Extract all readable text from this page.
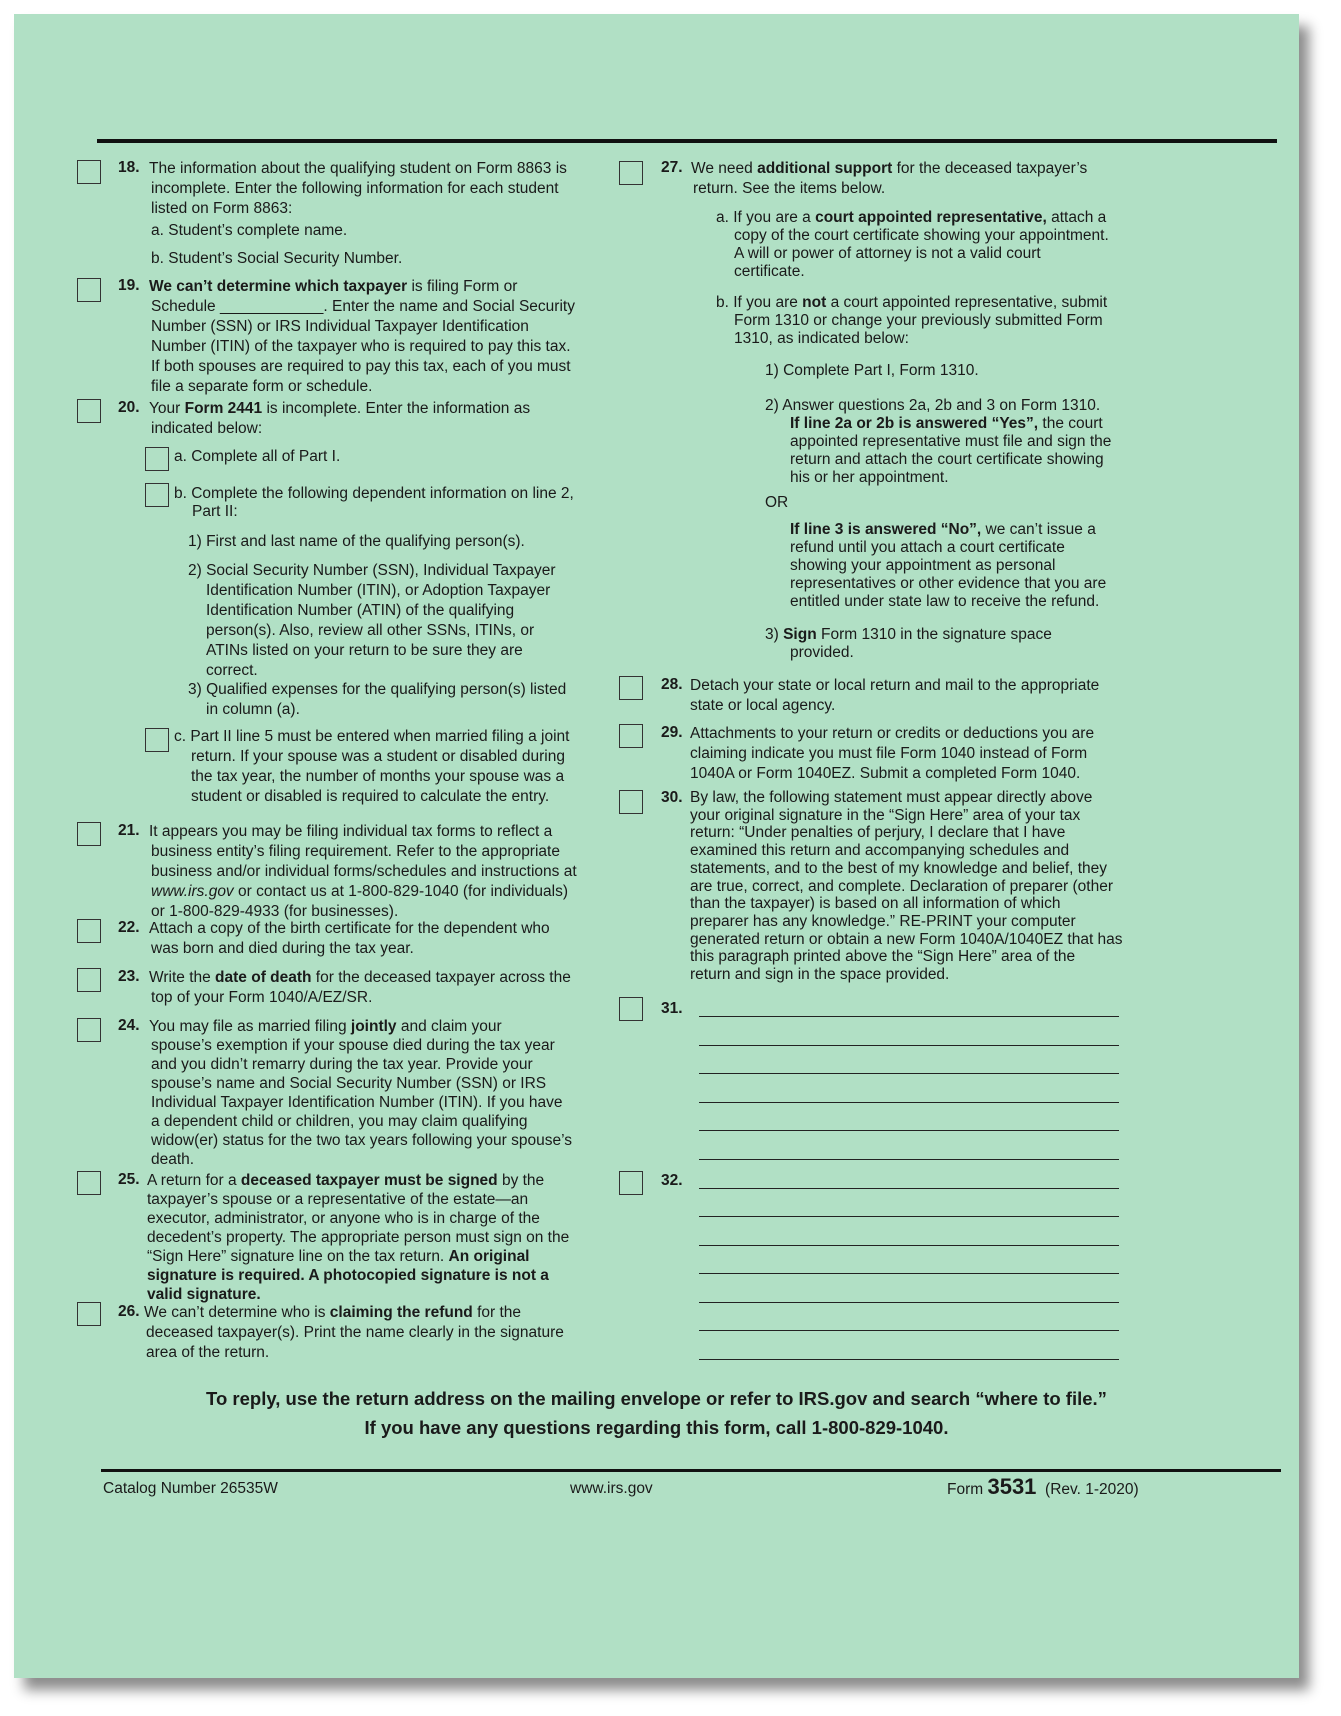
18. The information about the qualifying student on Form 8863 is
incomplete. Enter the following information for each student
listed on Form 8863:
a. Student’s complete name.
b. Student’s Social Security Number.
19. We can’t determine which taxpayer is filing Form or
Schedule ____________. Enter the name and Social Security
Number (SSN) or IRS Individual Taxpayer Identification
Number (ITIN) of the taxpayer who is required to pay this tax.
If both spouses are required to pay this tax, each of you must
file a separate form or schedule.
20. Your Form 2441 is incomplete. Enter the information as
indicated below:
a. Complete all of Part I.
b. Complete the following dependent information on line 2,
Part II:
1) First and last name of the qualifying person(s).
2) Social Security Number (SSN), Individual Taxpayer
Identification Number (ITIN), or Adoption Taxpayer
Identification Number (ATIN) of the qualifying
person(s). Also, review all other SSNs, ITINs, or
ATINs listed on your return to be sure they are
correct.
3) Qualified expenses for the qualifying person(s) listed
in column (a).
c. Part II line 5 must be entered when married filing a joint
return. If your spouse was a student or disabled during
the tax year, the number of months your spouse was a
student or disabled is required to calculate the entry.
21. It appears you may be filing individual tax forms to reflect a
business entity’s filing requirement. Refer to the appropriate
business and/or individual forms/schedules and instructions at
www.irs.gov or contact us at 1-800-829-1040 (for individuals)
or 1-800-829-4933 (for businesses).
22. Attach a copy of the birth certificate for the dependent who
was born and died during the tax year.
23. Write the date of death for the deceased taxpayer across the
top of your Form 1040/A/EZ/SR.
24. You may file as married filing jointly and claim your
spouse’s exemption if your spouse died during the tax year
and you didn’t remarry during the tax year. Provide your
spouse’s name and Social Security Number (SSN) or IRS
Individual Taxpayer Identification Number (ITIN). If you have
a dependent child or children, you may claim qualifying
widow(er) status for the two tax years following your spouse’s
death.
25. A return for a deceased taxpayer must be signed by the
taxpayer’s spouse or a representative of the estate—an
executor, administrator, or anyone who is in charge of the
decedent’s property. The appropriate person must sign on the
“Sign Here” signature line on the tax return. An original
signature is required. A photocopied signature is not a
valid signature.
26. We can’t determine who is claiming the refund for the
deceased taxpayer(s). Print the name clearly in the signature
area of the return.
27. We need additional support for the deceased taxpayer’s
return. See the items below.
a. If you are a court appointed representative, attach a
copy of the court certificate showing your appointment.
A will or power of attorney is not a valid court
certificate.
b. If you are not a court appointed representative, submit
Form 1310 or change your previously submitted Form
1310, as indicated below:
1) Complete Part I, Form 1310.
2) Answer questions 2a, 2b and 3 on Form 1310.
If line 2a or 2b is answered “Yes”, the court
appointed representative must file and sign the
return and attach the court certificate showing
his or her appointment.
OR
If line 3 is answered “No”, we can’t issue a
refund until you attach a court certificate
showing your appointment as personal
representatives or other evidence that you are
entitled under state law to receive the refund.
3) Sign Form 1310 in the signature space
provided.
28. Detach your state or local return and mail to the appropriate
state or local agency.
29. Attachments to your return or credits or deductions you are
claiming indicate you must file Form 1040 instead of Form
1040A or Form 1040EZ. Submit a completed Form 1040.
30. By law, the following statement must appear directly above
your original signature in the “Sign Here” area of your tax
return: “Under penalties of perjury, I declare that I have
examined this return and accompanying schedules and
statements, and to the best of my knowledge and belief, they
are true, correct, and complete. Declaration of preparer (other
than the taxpayer) is based on all information of which
preparer has any knowledge.” RE-PRINT your computer
generated return or obtain a new Form 1040A/1040EZ that has
this paragraph printed above the “Sign Here” area of the
return and sign in the space provided.
31.
32.
To reply, use the return address on the mailing envelope or refer to IRS.gov and search “where to file.”
If you have any questions regarding this form, call 1-800-829-1040.
Catalog Number 26535W	www.irs.gov	Form 3531 (Rev. 1-2020)
